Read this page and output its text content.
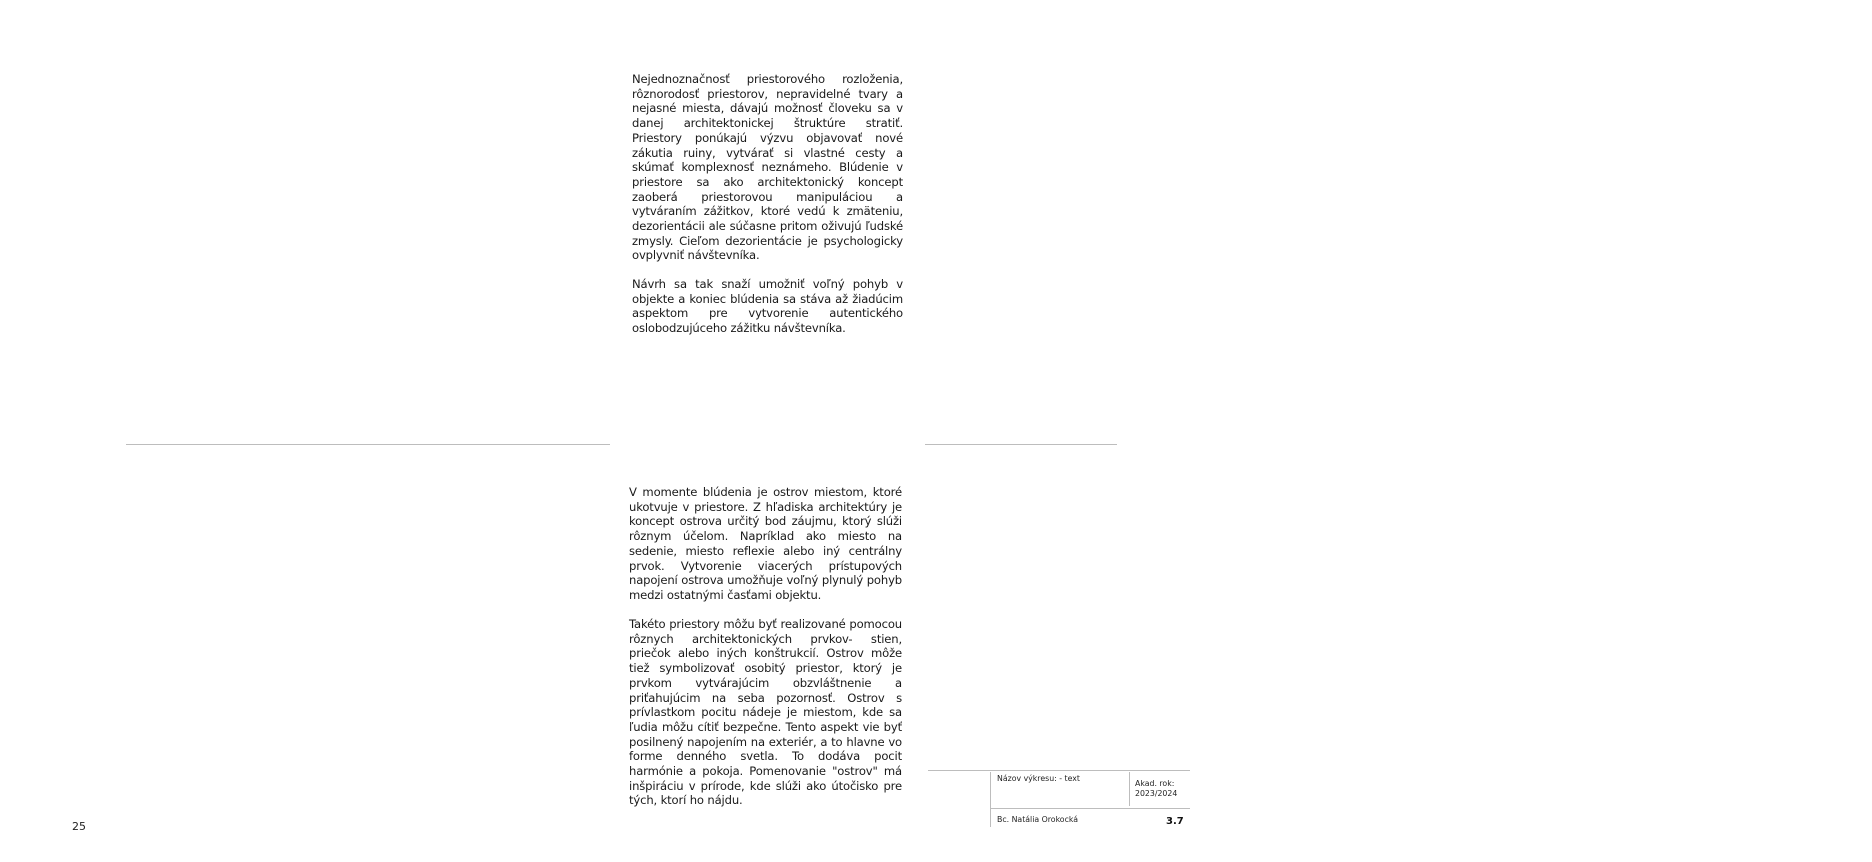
Nejednoznačnosť priestorového rozloženia, rôznorodosť priestorov, nepravidelné tvary a nejasné miesta, dávajú možnosť človeku sa v danej architektonickej štruktúre stratiť. Priestory ponúkajú výzvu objavovať nové zákutia ruiny, vytvárať si vlastné cesty a skúmať komplexnosť neznámeho. Blúdenie v priestore sa ako architektonický koncept zaoberá priestorovou manipuláciou a vytváraním zážitkov, ktoré vedú k zmäteniu, dezorientácii ale súčasne pritom oživujú ľudské zmysly. Cieľom dezorientácie je psychologicky ovplyvniť návštevníka.

Návrh sa tak snaží umožniť voľný pohyb v objekte a koniec blúdenia sa stáva až žiadúcim aspektom pre vytvorenie autentického oslobodzujúceho zážitku návštevníka.

V momente blúdenia je ostrov miestom, ktoré ukotvuje v priestore. Z hľadiska architektúry je koncept ostrova určitý bod záujmu, ktorý slúži rôznym účelom. Napríklad ako miesto na sedenie, miesto reflexie alebo iný centrálny prvok. Vytvorenie viacerých prístupových napojení ostrova umožňuje voľný plynulý pohyb medzi ostatnými časťami objektu.

Takéto priestory môžu byť realizované pomocou rôznych architektonických prvkov- stien, priečok alebo iných konštrukcií. Ostrov môže tiež symbolizovať osobitý priestor, ktorý je prvkom vytvárajúcim obzvláštnenie a priťahujúcim na seba pozornosť. Ostrov s prívlastkom pocitu nádeje je miestom, kde sa ľudia môžu cítiť bezpečne. Tento aspekt vie byť posilnený napojením na exteriér, a to hlavne vo forme denného svetla. To dodáva pocit harmónie a pokoja. Pomenovanie "ostrov" má inšpiráciu v prírode, kde slúži ako útočisko pre tých, ktorí ho nájdu.

25
Názov výkresu: - text
Akad. rok:
2023/2024
Bc. Natália Orokocká	3.7
